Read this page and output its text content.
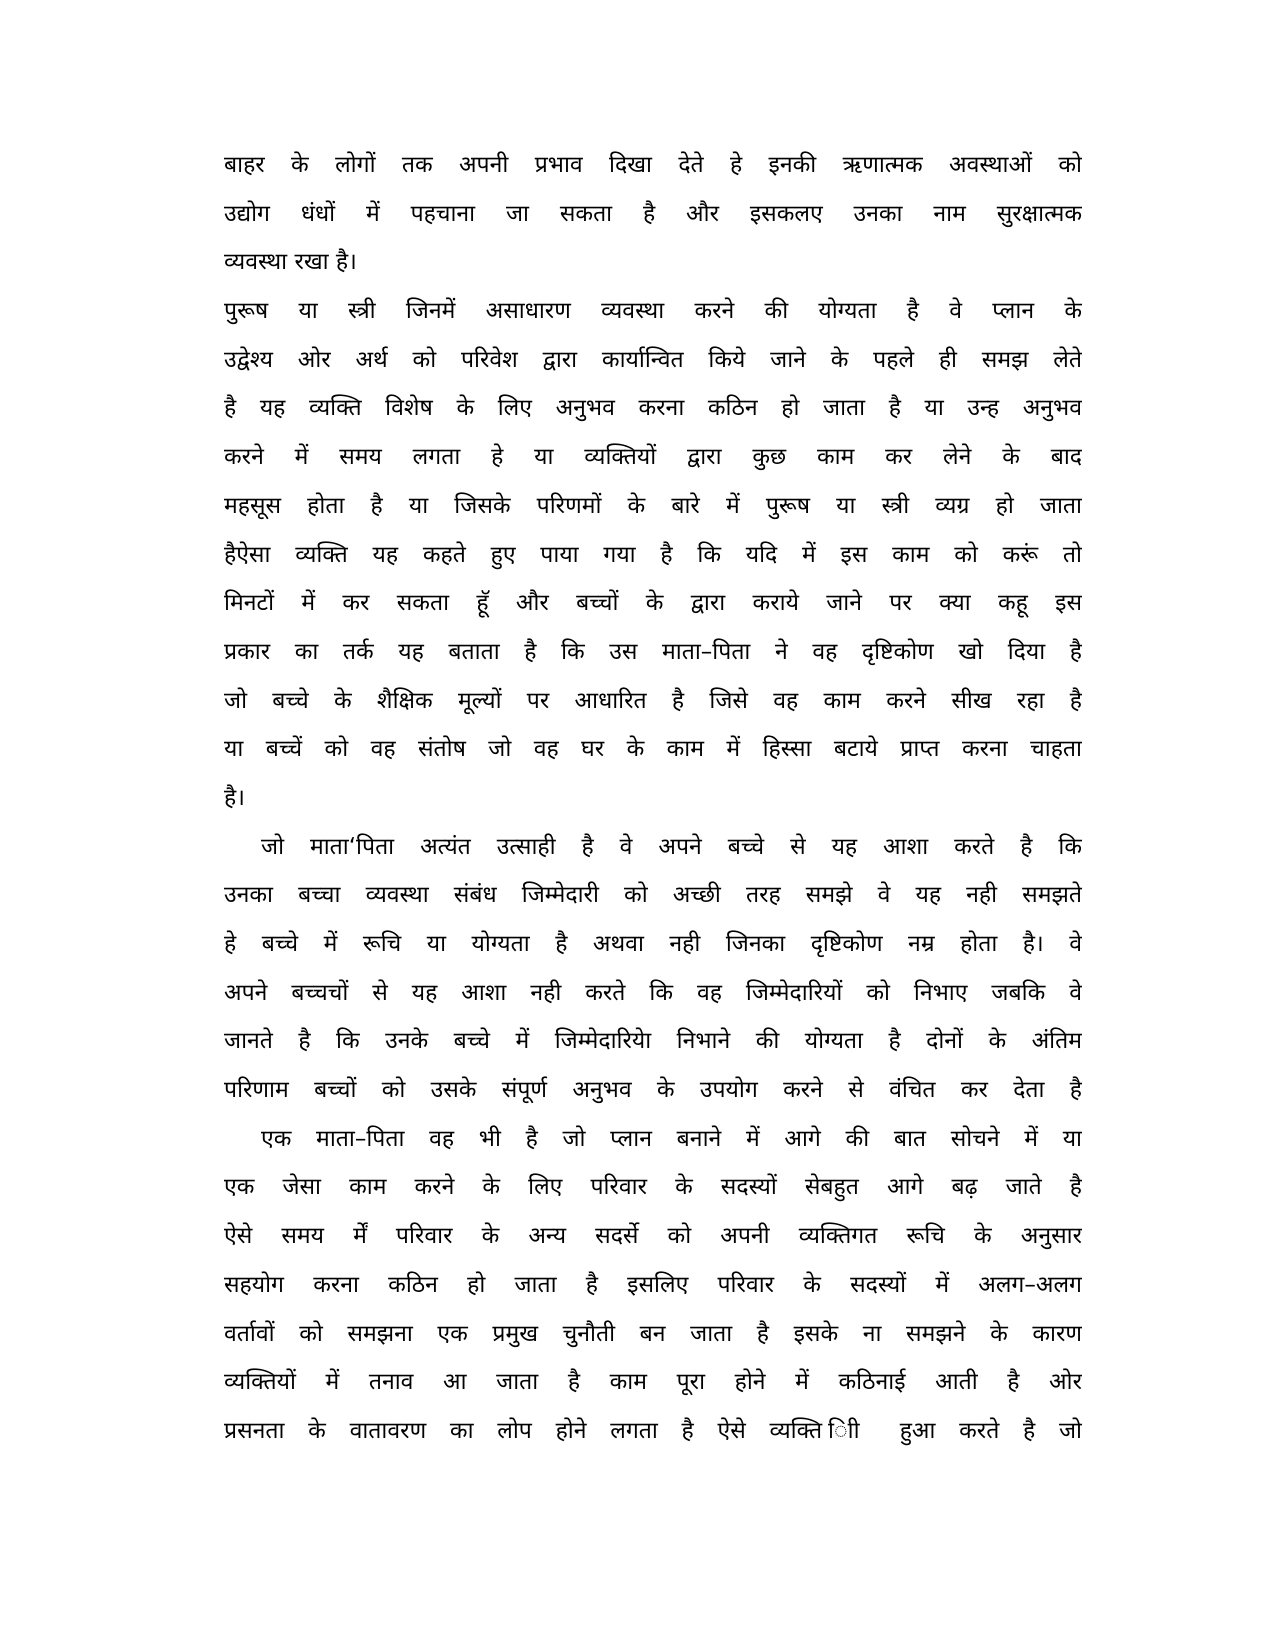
बाहर के लोगों तक अपनी प्रभाव दिखा देते हे इनकी ऋणात्मक अवस्थाओं को
उद्योग धंधों में पहचाना जा सकता है और इसकलए उनका नाम सुरक्षात्मक
व्यवस्था रखा है।
पुरूष या स्त्री जिनमें असाधारण व्यवस्था करने की योग्यता है वे प्लान के
उद्वेश्य ओर अर्थ को परिवेश द्वारा कार्यान्वित किये जाने के पहले ही समझ लेते
है यह व्यक्ति विशेष के लिए अनुभव करना कठिन हो जाता है या उन्ह अनुभव
करने में समय लगता हे या व्यक्तियों द्वारा कुछ काम कर लेने के बाद
महसूस होता है या जिसके परिणमों के बारे में पुरूष या स्त्री व्यग्र हो जाता
हैऐसा व्यक्ति यह कहते हुए पाया गया है कि यदि में इस काम को करूं तो
मिनटों में कर सकता हूॅ और बच्चों के द्वारा कराये जाने पर क्या कहू इस
प्रकार का तर्क यह बताता है कि उस माता–पिता ने वह दृष्टिकोण खो दिया है
जो बच्चे के शैक्षिक मूल्यों पर आधारित है जिसे वह काम करने सीख रहा है
या बच्चें को वह संतोष जो वह घर के काम में हिस्सा बटाये प्राप्त करना चाहता
है।
जो माता‘पिता अत्यंत उत्साही है वे अपने बच्चे से यह आशा करते है कि
उनका बच्चा व्यवस्था संबंध जिम्मेदारी को अच्छी तरह समझे वे यह नही समझते
हे बच्चे में रूचि या योग्यता है अथवा नही जिनका दृष्टिकोण नम्र होता है। वे
अपने बच्चचों से यह आशा नही करते कि वह जिम्मेदारियों को निभाए जबकि वे
जानते है कि उनके बच्चे में जिम्मेदारियेा निभाने की योग्यता है दोनों के अंतिम
परिणाम बच्चों को उसके संपूर्ण अनुभव के उपयोग करने से वंचित कर देता है
एक माता–पिता वह भी है जो प्लान बनाने में आगे की बात सोचने में या
एक जेसा काम करने के लिए परिवार के सदस्यों सेबहुत आगे बढ़ जाते है
ऐसे समय र्में परिवार के अन्य सदर्से को अपनी व्यक्तिगत रूचि के अनुसार
सहयोग करना कठिन हो जाता है इसलिए परिवार के सदस्यों में अलग–अलग
वर्तावों को समझना एक प्रमुख चुनौती बन जाता है इसके ना समझने के कारण
व्यक्तियों में तनाव आ जाता है काम पूरा होने में कठिनाई आती है ओर
प्रसनता के वातावरण का लोप होने लगता है ऐसे व्यक्ति ाीि हुआ करते है जो
